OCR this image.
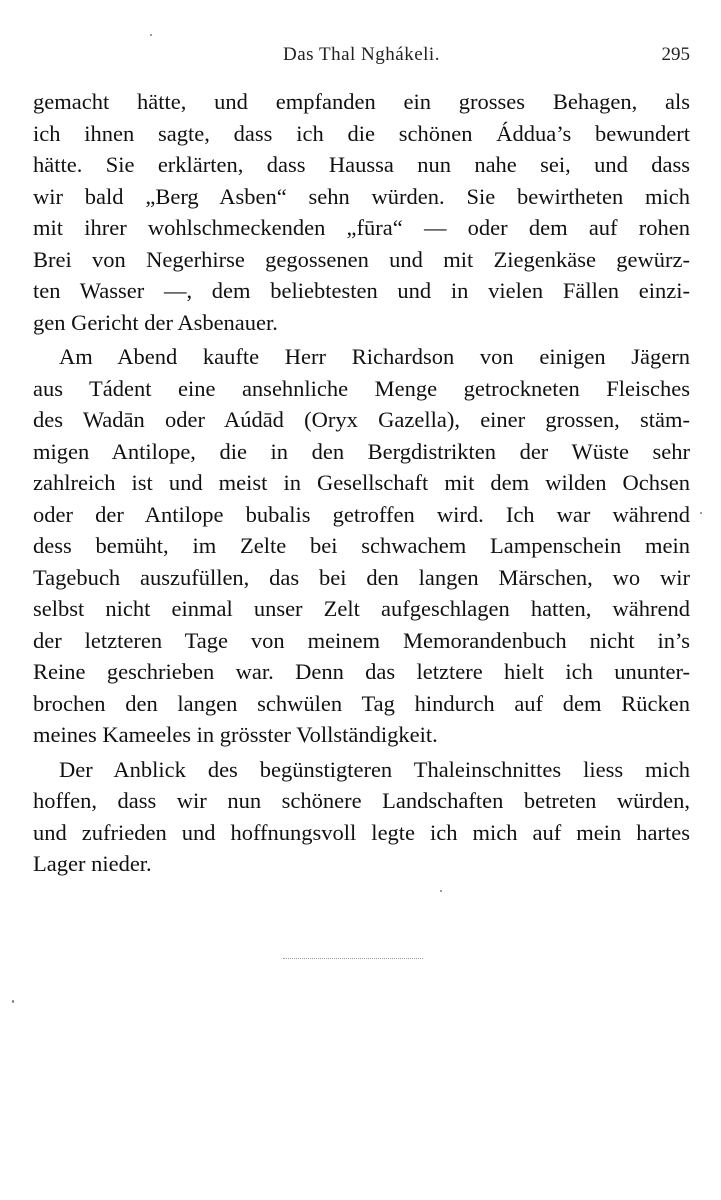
Das Thal Nghákeli.	295
gemacht hätte, und empfanden ein grosses Behagen, als
ich ihnen sagte, dass ich die schönen Áddua’s bewundert
hätte. Sie erklärten, dass Haussa nun nahe sei, und dass
wir bald „Berg Asben“ sehn würden. Sie bewirtheten mich
mit ihrer wohlschmeckenden „fūra“ — oder dem auf rohen
Brei von Negerhirse gegossenen und mit Ziegenkäse gewürz-
ten Wasser —, dem beliebtesten und in vielen Fällen einzi-
gen Gericht der Asbenauer.
Am Abend kaufte Herr Richardson von einigen Jägern
aus Tádent eine ansehnliche Menge getrockneten Fleisches
des Wadān oder Aúdād (Oryx Gazella), einer grossen, stäm-
migen Antilope, die in den Bergdistrikten der Wüste sehr
zahlreich ist und meist in Gesellschaft mit dem wilden Ochsen
oder der Antilope bubalis getroffen wird. Ich war während
dess bemüht, im Zelte bei schwachem Lampenschein mein
Tagebuch auszufüllen, das bei den langen Märschen, wo wir
selbst nicht einmal unser Zelt aufgeschlagen hatten, während
der letzteren Tage von meinem Memorandenbuch nicht in’s
Reine geschrieben war. Denn das letztere hielt ich ununter-
brochen den langen schwülen Tag hindurch auf dem Rücken
meines Kameeles in grösster Vollständigkeit.
Der Anblick des begünstigteren Thaleinschnittes liess mich
hoffen, dass wir nun schönere Landschaften betreten würden,
und zufrieden und hoffnungsvoll legte ich mich auf mein hartes
Lager nieder.
